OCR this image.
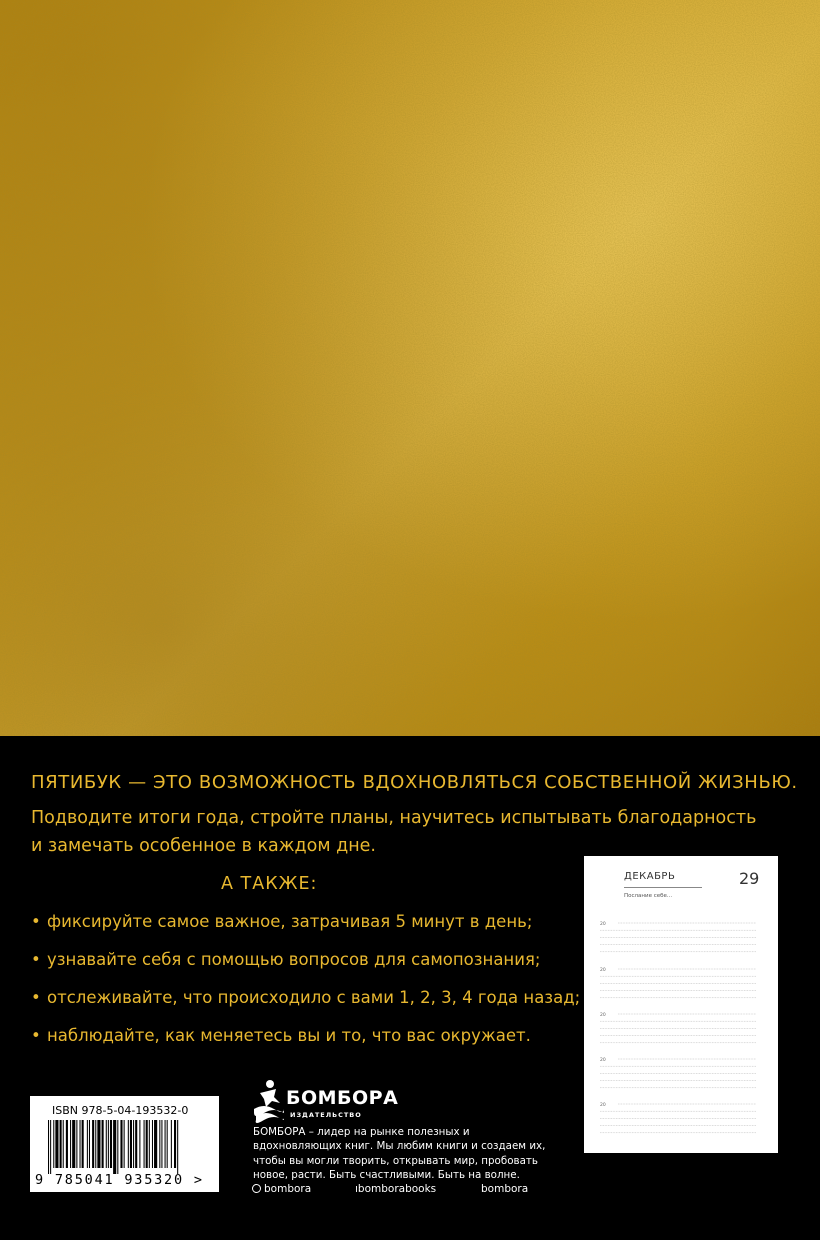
ПЯТИБУК — ЭТО ВОЗМОЖНОСТЬ ВДОХНОВЛЯТЬСЯ СОБСТВЕННОЙ ЖИЗНЬЮ.
Подводите итоги года, стройте планы, научитесь испытывать благодарность и замечать особенное в каждом дне.
А ТАКЖЕ:
• фиксируйте самое важное, затрачивая 5 минут в день;
• узнавайте себя с помощью вопросов для самопознания;
• отслеживайте, что происходило с вами 1, 2, 3, 4 года назад;
• наблюдайте, как меняетесь вы и то, что вас окружает.
ДЕКАБРЬ	29
Послание себе...
20
20
20
20
20
ISBN 978-5-04-193532-0
9 785041 935320 >
БОМБОРА
ИЗДАТЕЛЬСТВО
БОМБОРА – лидер на рынке полезных и вдохновляющих книг. Мы любим книги и создаем их, чтобы вы могли творить, открывать мир, пробовать новое, расти. Быть счастливыми. Быть на волне.
bombora	ıbomborabooks	bombora
